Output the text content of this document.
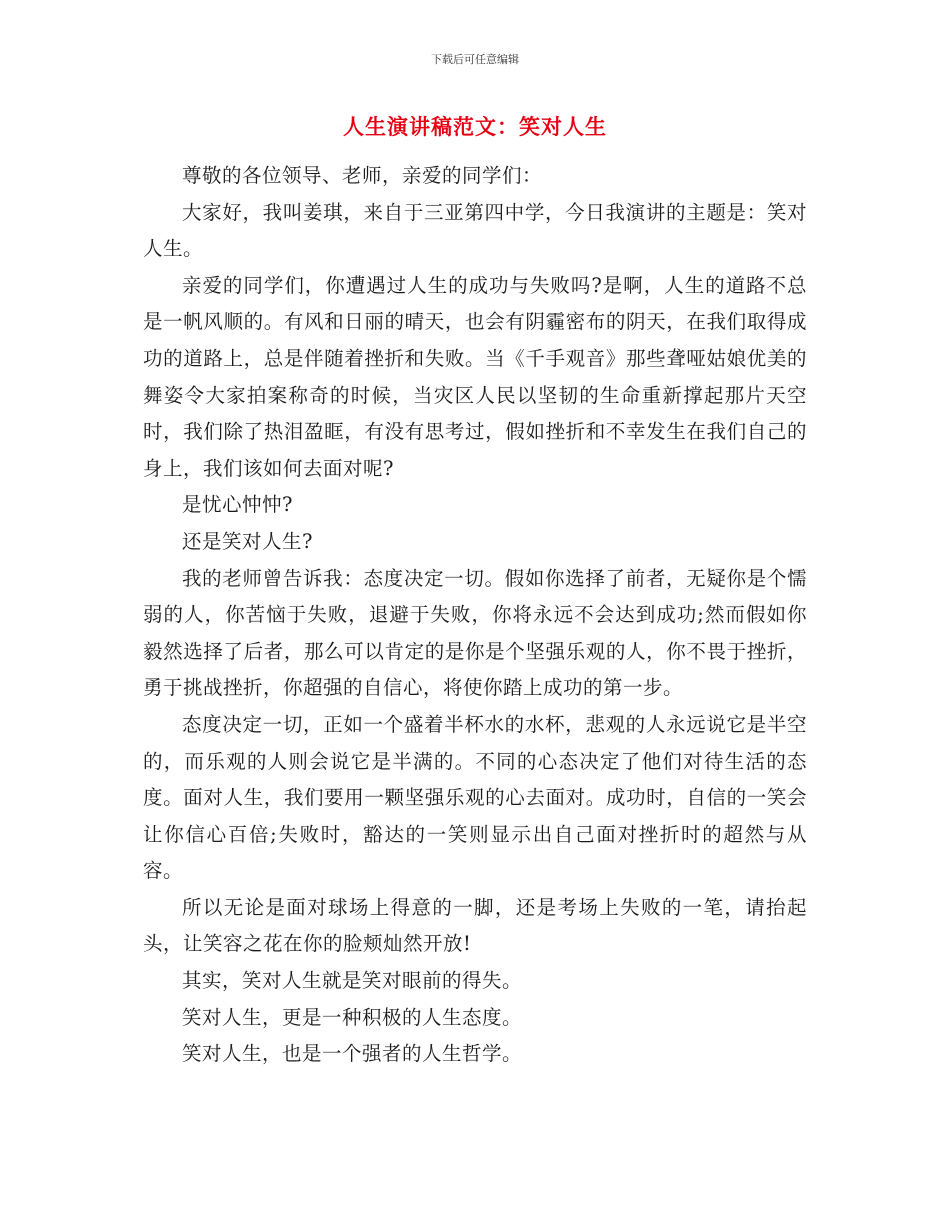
下载后可任意编辑
人生演讲稿范文：笑对人生

尊敬的各位领导、老师，亲爱的同学们：

大家好，我叫姜琪，来自于三亚第四中学，今日我演讲的主题是：笑对人生。

亲爱的同学们，你遭遇过人生的成功与失败吗?是啊，人生的道路不总是一帆风顺的。有风和日丽的晴天，也会有阴霾密布的阴天，在我们取得成功的道路上，总是伴随着挫折和失败。当《千手观音》那些聋哑姑娘优美的舞姿令大家拍案称奇的时候，当灾区人民以坚韧的生命重新撑起那片天空时，我们除了热泪盈眶，有没有思考过，假如挫折和不幸发生在我们自己的身上，我们该如何去面对呢?

是忧心忡忡?

还是笑对人生?

我的老师曾告诉我：态度决定一切。假如你选择了前者，无疑你是个懦弱的人，你苦恼于失败，退避于失败，你将永远不会达到成功;然而假如你毅然选择了后者，那么可以肯定的是你是个坚强乐观的人，你不畏于挫折，勇于挑战挫折，你超强的自信心，将使你踏上成功的第一步。

态度决定一切，正如一个盛着半杯水的水杯，悲观的人永远说它是半空的，而乐观的人则会说它是半满的。不同的心态决定了他们对待生活的态度。面对人生，我们要用一颗坚强乐观的心去面对。成功时，自信的一笑会让你信心百倍;失败时，豁达的一笑则显示出自己面对挫折时的超然与从容。

所以无论是面对球场上得意的一脚，还是考场上失败的一笔，请抬起头，让笑容之花在你的脸颊灿然开放!

其实，笑对人生就是笑对眼前的得失。

笑对人生，更是一种积极的人生态度。

笑对人生，也是一个强者的人生哲学。
